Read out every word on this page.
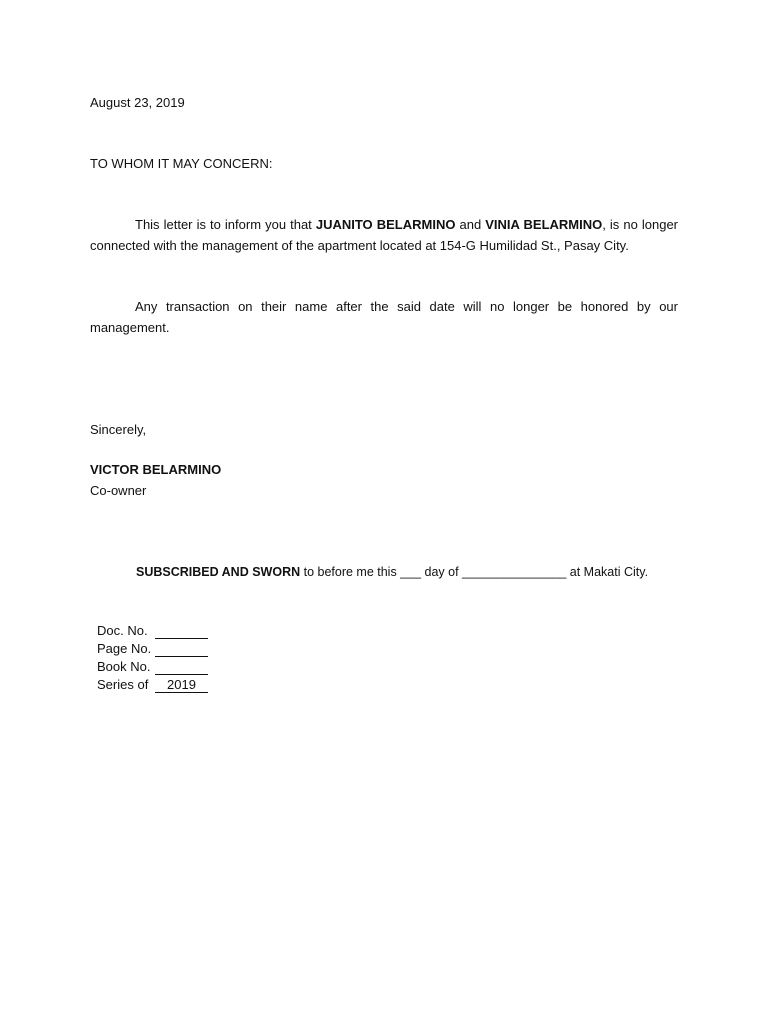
August 23, 2019
TO WHOM IT MAY CONCERN:
This letter is to inform you that JUANITO BELARMINO and VINIA BELARMINO, is no longer connected with the management of the apartment located at 154-G Humilidad St., Pasay City.
Any transaction on their name after the said date will no longer be honored by our management.
Sincerely,
VICTOR BELARMINO
Co-owner
SUBSCRIBED AND SWORN to before me this ___ day of _______________ at Makati City.
Doc. No.
Page No.
Book No.
Series of	2019
